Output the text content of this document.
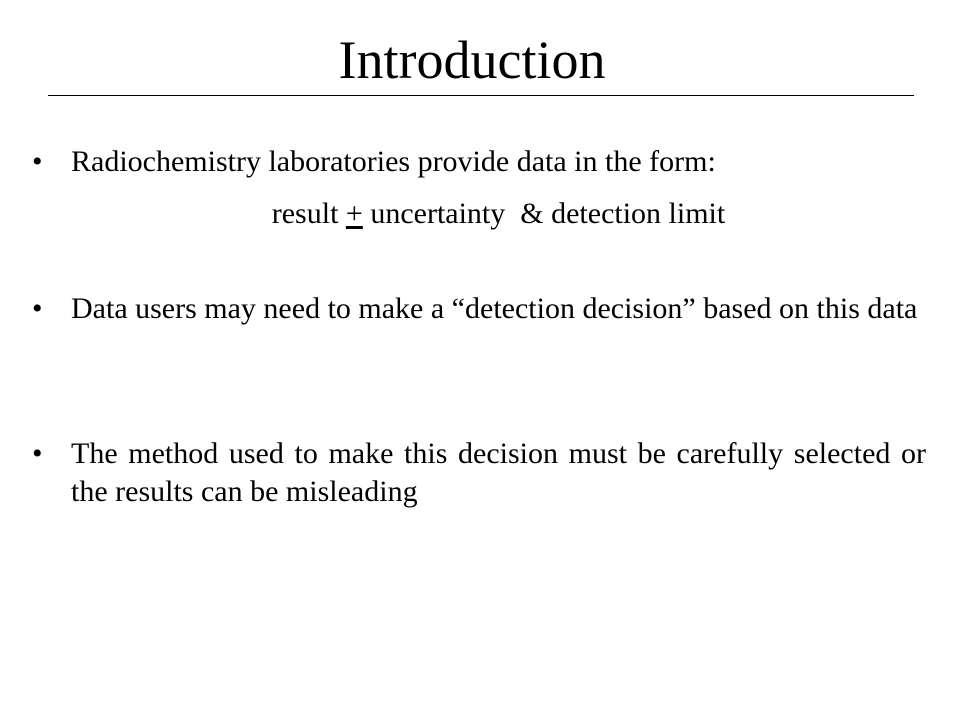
Introduction
• Radiochemistry laboratories provide data in the form:
result + uncertainty  & detection limit
• Data users may need to make a “detection decision” based on this data
• The method used to make this decision must be carefully selected or the results can be misleading
